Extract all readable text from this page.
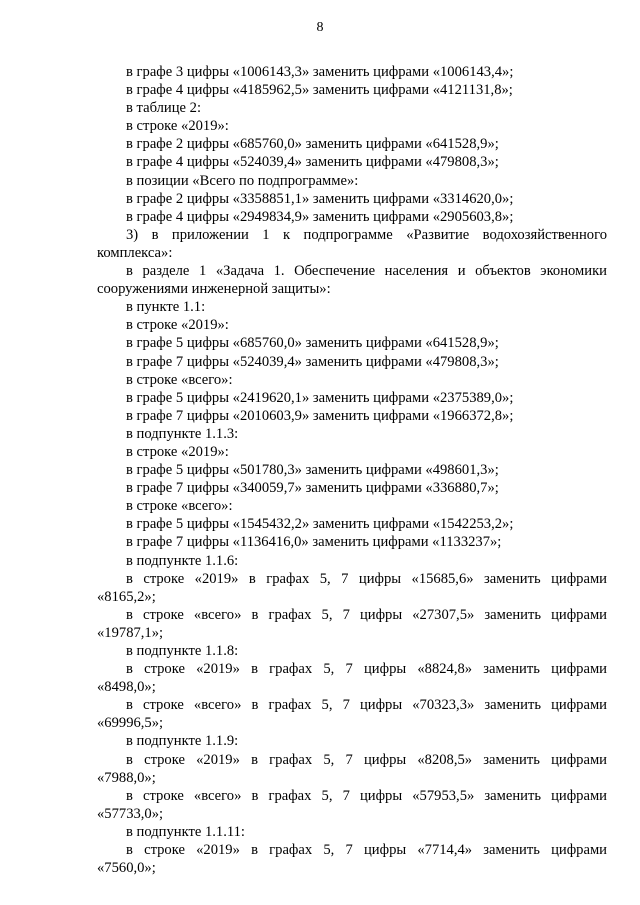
8
в графе 3 цифры «1006143,3» заменить цифрами «1006143,4»;
в графе 4 цифры «4185962,5» заменить цифрами «4121131,8»;
в таблице 2:
в строке «2019»:
в графе 2 цифры «685760,0» заменить цифрами «641528,9»;
в графе 4 цифры «524039,4» заменить цифрами «479808,3»;
в позиции «Всего по подпрограмме»:
в графе 2 цифры «3358851,1» заменить цифрами «3314620,0»;
в графе 4 цифры «2949834,9» заменить цифрами «2905603,8»;
3) в приложении 1 к подпрограмме «Развитие водохозяйственного
комплекса»:
в разделе 1 «Задача 1. Обеспечение населения и объектов экономики
сооружениями инженерной защиты»:
в пункте 1.1:
в строке «2019»:
в графе 5 цифры «685760,0» заменить цифрами «641528,9»;
в графе 7 цифры «524039,4» заменить цифрами «479808,3»;
в строке «всего»:
в графе 5 цифры «2419620,1» заменить цифрами «2375389,0»;
в графе 7 цифры «2010603,9» заменить цифрами «1966372,8»;
в подпункте 1.1.3:
в строке «2019»:
в графе 5 цифры «501780,3» заменить цифрами «498601,3»;
в графе 7 цифры «340059,7» заменить цифрами «336880,7»;
в строке «всего»:
в графе 5 цифры «1545432,2» заменить цифрами «1542253,2»;
в графе 7 цифры «1136416,0» заменить цифрами «1133237»;
в подпункте 1.1.6:
в строке «2019» в графах 5, 7 цифры «15685,6» заменить цифрами
«8165,2»;
в строке «всего» в графах 5, 7 цифры «27307,5» заменить цифрами
«19787,1»;
в подпункте 1.1.8:
в строке «2019» в графах 5, 7 цифры «8824,8» заменить цифрами
«8498,0»;
в строке «всего» в графах 5, 7 цифры «70323,3» заменить цифрами
«69996,5»;
в подпункте 1.1.9:
в строке «2019» в графах 5, 7 цифры «8208,5» заменить цифрами
«7988,0»;
в строке «всего» в графах 5, 7 цифры «57953,5» заменить цифрами
«57733,0»;
в подпункте 1.1.11:
в строке «2019» в графах 5, 7 цифры «7714,4» заменить цифрами
«7560,0»;
